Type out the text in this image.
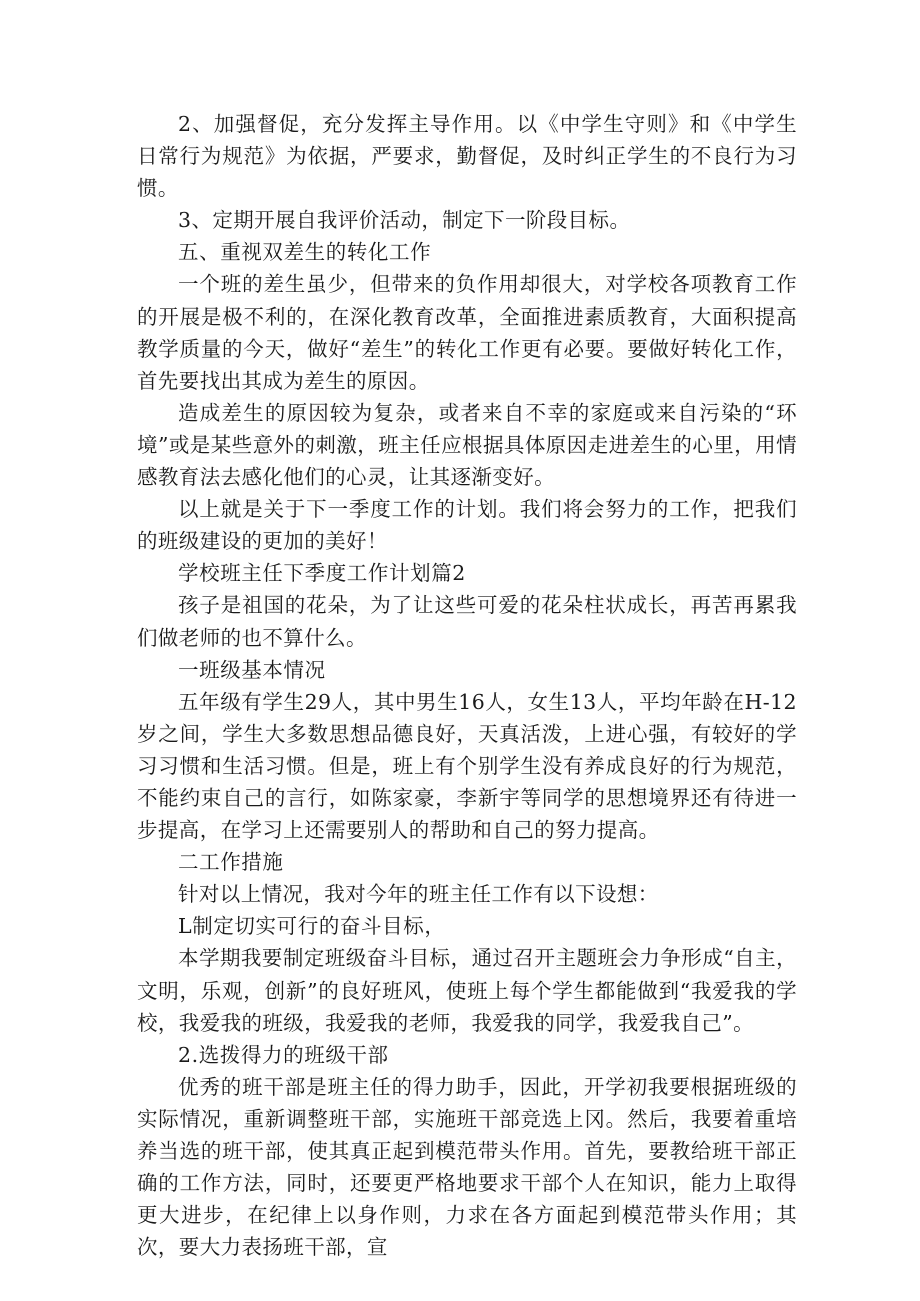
2、加强督促，充分发挥主导作用。以《中学生守则》和《中学生日常行为规范》为依据，严要求，勤督促，及时纠正学生的不良行为习惯。

3、定期开展自我评价活动，制定下一阶段目标。

五、重视双差生的转化工作

一个班的差生虽少，但带来的负作用却很大，对学校各项教育工作的开展是极不利的，在深化教育改革，全面推进素质教育，大面积提高教学质量的今天，做好“差生”的转化工作更有必要。要做好转化工作，首先要找出其成为差生的原因。

造成差生的原因较为复杂，或者来自不幸的家庭或来自污染的“环境”或是某些意外的刺激，班主任应根据具体原因走进差生的心里，用情感教育法去感化他们的心灵，让其逐渐变好。

以上就是关于下一季度工作的计划。我们将会努力的工作，把我们的班级建设的更加的美好！

学校班主任下季度工作计划篇2

孩子是祖国的花朵，为了让这些可爱的花朵柱状成长，再苦再累我们做老师的也不算什么。

一班级基本情况

五年级有学生29人，其中男生16人，女生13人，平均年龄在H-12岁之间，学生大多数思想品德良好，天真活泼，上进心强，有较好的学习习惯和生活习惯。但是，班上有个别学生没有养成良好的行为规范，不能约束自己的言行，如陈家豪，李新宇等同学的思想境界还有待进一步提高，在学习上还需要别人的帮助和自己的努力提高。

二工作措施

针对以上情况，我对今年的班主任工作有以下设想：

L制定切实可行的奋斗目标，

本学期我要制定班级奋斗目标，通过召开主题班会力争形成“自主，文明，乐观，创新”的良好班风，使班上每个学生都能做到“我爱我的学校，我爱我的班级，我爱我的老师，我爱我的同学，我爱我自己”。

2.选拨得力的班级干部

优秀的班干部是班主任的得力助手，因此，开学初我要根据班级的实际情况，重新调整班干部，实施班干部竞选上冈。然后，我要着重培养当选的班干部，使其真正起到模范带头作用。首先，要教给班干部正确的工作方法，同时，还要更严格地要求干部个人在知识，能力上取得更大进步，在纪律上以身作则，力求在各方面起到模范带头作用；其次，要大力表扬班干部，宣
